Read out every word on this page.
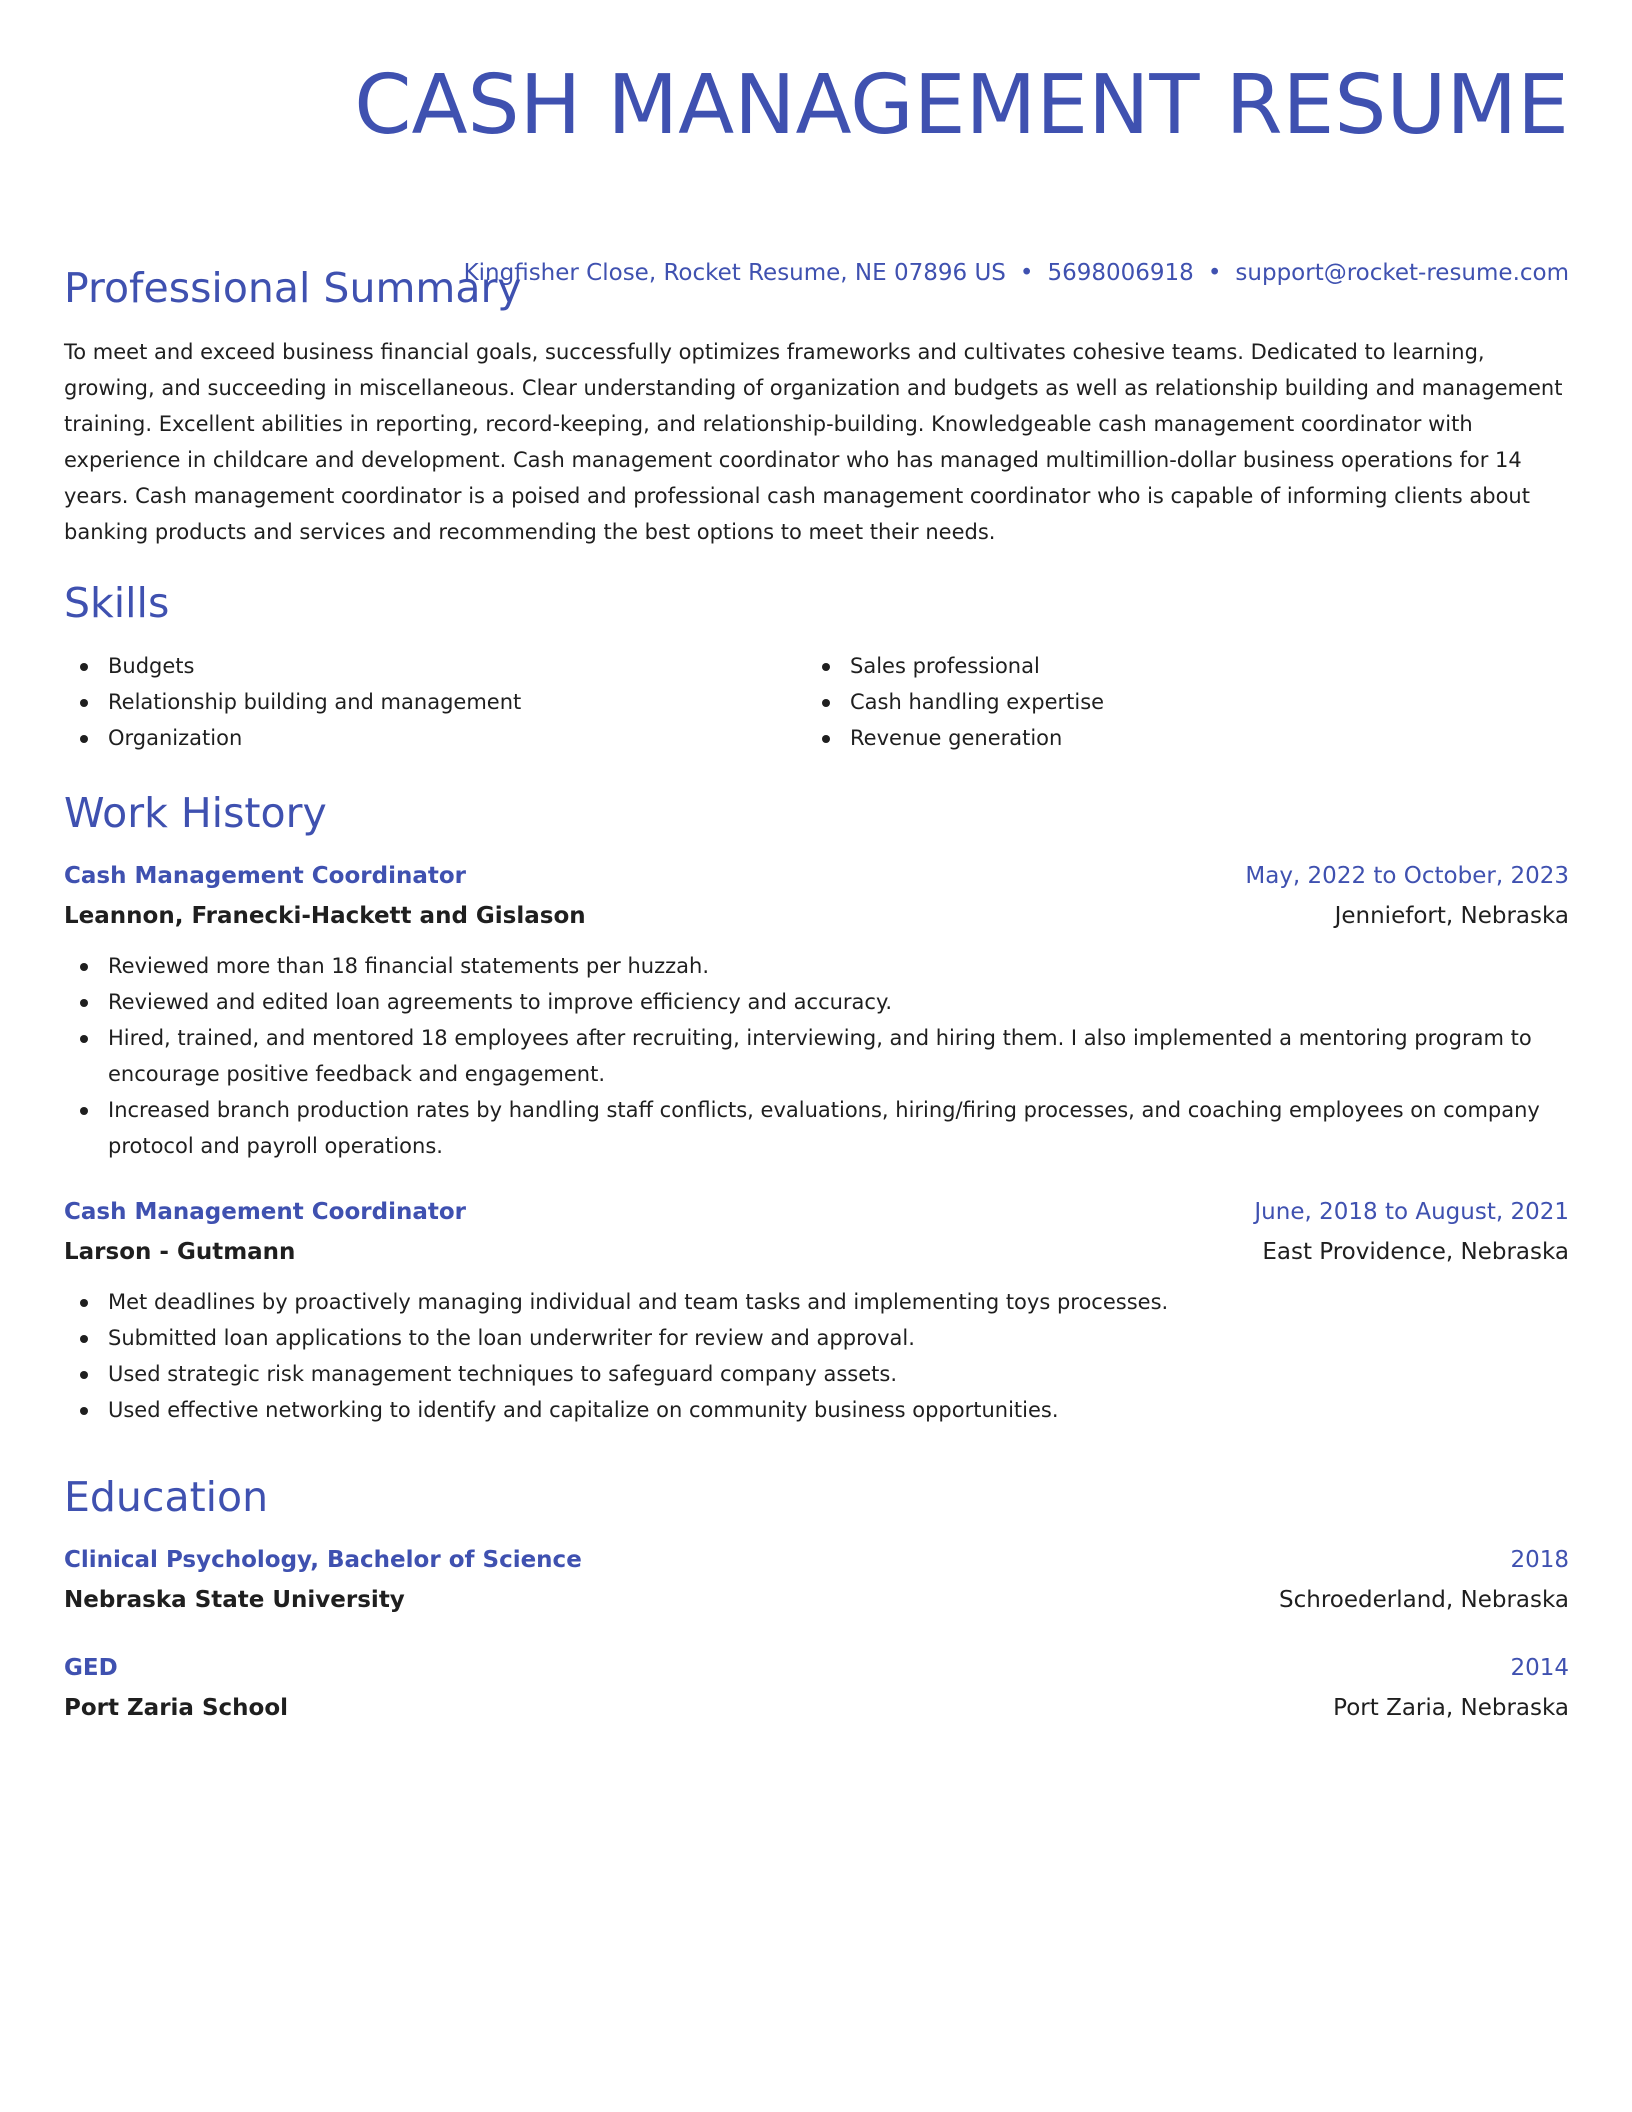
CASH MANAGEMENT RESUME
Kingfisher Close, Rocket Resume, NE 07896 US • 5698006918 • support@rocket-resume.com
Professional Summary

To meet and exceed business financial goals, successfully optimizes frameworks and cultivates cohesive teams. Dedicated to learning, growing, and succeeding in miscellaneous. Clear understanding of organization and budgets as well as relationship building and management training. Excellent abilities in reporting, record-keeping, and relationship-building. Knowledgeable cash management coordinator with experience in childcare and development. Cash management coordinator who has managed multimillion-dollar business operations for 14 years. Cash management coordinator is a poised and professional cash management coordinator who is capable of informing clients about banking products and services and recommending the best options to meet their needs.

Skills
Budgets
Relationship building and management
Organization
Sales professional
Cash handling expertise
Revenue generation
Work History
Cash Management Coordinator	May, 2022 to October, 2023
Leannon, Franecki-Hackett and Gislason	Jenniefort, Nebraska
Reviewed more than 18 financial statements per huzzah.
Reviewed and edited loan agreements to improve efficiency and accuracy.
Hired, trained, and mentored 18 employees after recruiting, interviewing, and hiring them. I also implemented a mentoring program to encourage positive feedback and engagement.
Increased branch production rates by handling staff conflicts, evaluations, hiring/firing processes, and coaching employees on company protocol and payroll operations.
Cash Management Coordinator	June, 2018 to August, 2021
Larson - Gutmann	East Providence, Nebraska
Met deadlines by proactively managing individual and team tasks and implementing toys processes.
Submitted loan applications to the loan underwriter for review and approval.
Used strategic risk management techniques to safeguard company assets.
Used effective networking to identify and capitalize on community business opportunities.
Education
Clinical Psychology, Bachelor of Science	2018
Nebraska State University	Schroederland, Nebraska
GED	2014
Port Zaria School	Port Zaria, Nebraska
